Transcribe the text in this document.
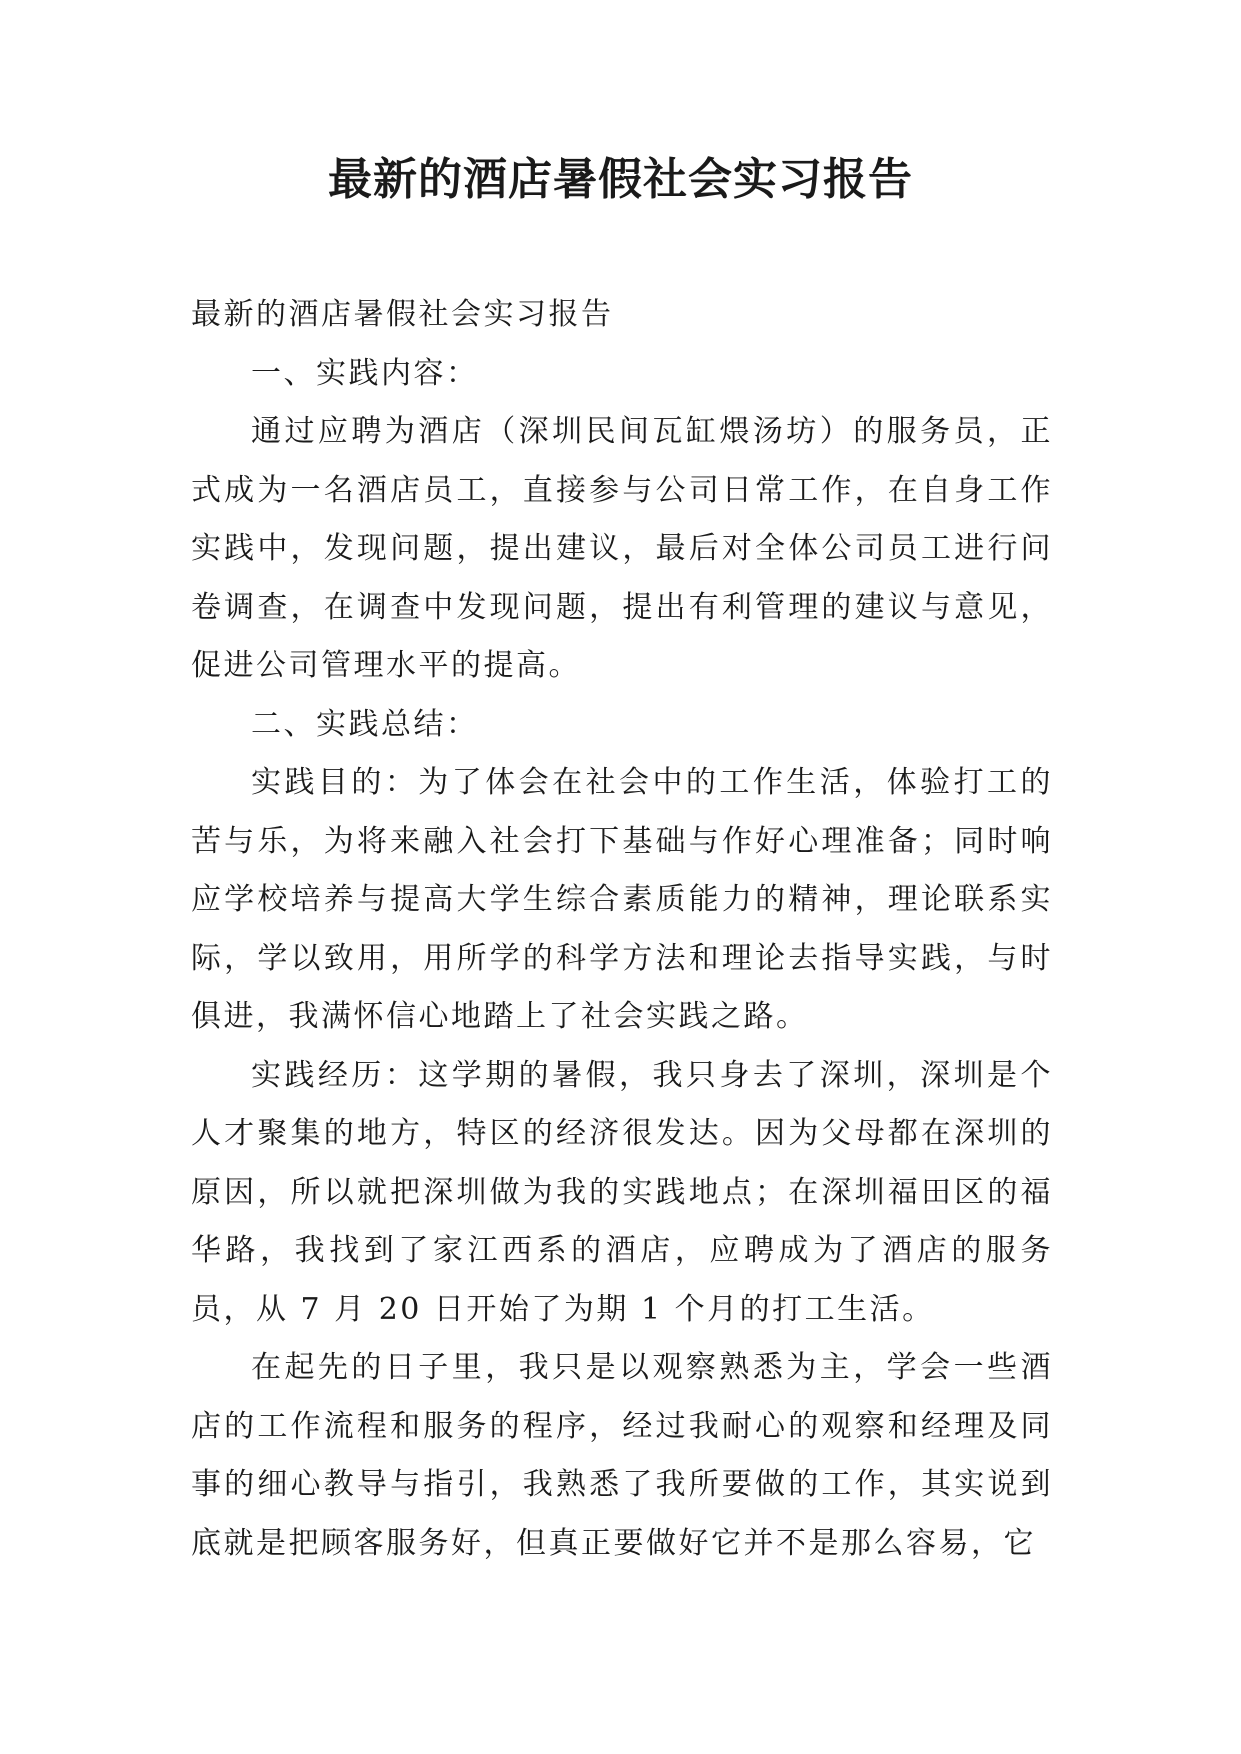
最新的酒店暑假社会实习报告

最新的酒店暑假社会实习报告

一、实践内容：

通过应聘为酒店（深圳民间瓦缸煨汤坊）的服务员，正式成为一名酒店员工，直接参与公司日常工作，在自身工作实践中，发现问题，提出建议，最后对全体公司员工进行问卷调查，在调查中发现问题，提出有利管理的建议与意见，促进公司管理水平的提高。

二、实践总结：

实践目的：为了体会在社会中的工作生活，体验打工的苦与乐，为将来融入社会打下基础与作好心理准备；同时响应学校培养与提高大学生综合素质能力的精神，理论联系实际，学以致用，用所学的科学方法和理论去指导实践，与时俱进，我满怀信心地踏上了社会实践之路。

实践经历：这学期的暑假，我只身去了深圳，深圳是个人才聚集的地方，特区的经济很发达。因为父母都在深圳的原因，所以就把深圳做为我的实践地点；在深圳福田区的福华路，我找到了家江西系的酒店，应聘成为了酒店的服务员，从 7 月 20 日开始了为期 1 个月的打工生活。

在起先的日子里，我只是以观察熟悉为主，学会一些酒店的工作流程和服务的程序，经过我耐心的观察和经理及同事的细心教导与指引，我熟悉了我所要做的工作，其实说到底就是把顾客服务好，但真正要做好它并不是那么容易，它
